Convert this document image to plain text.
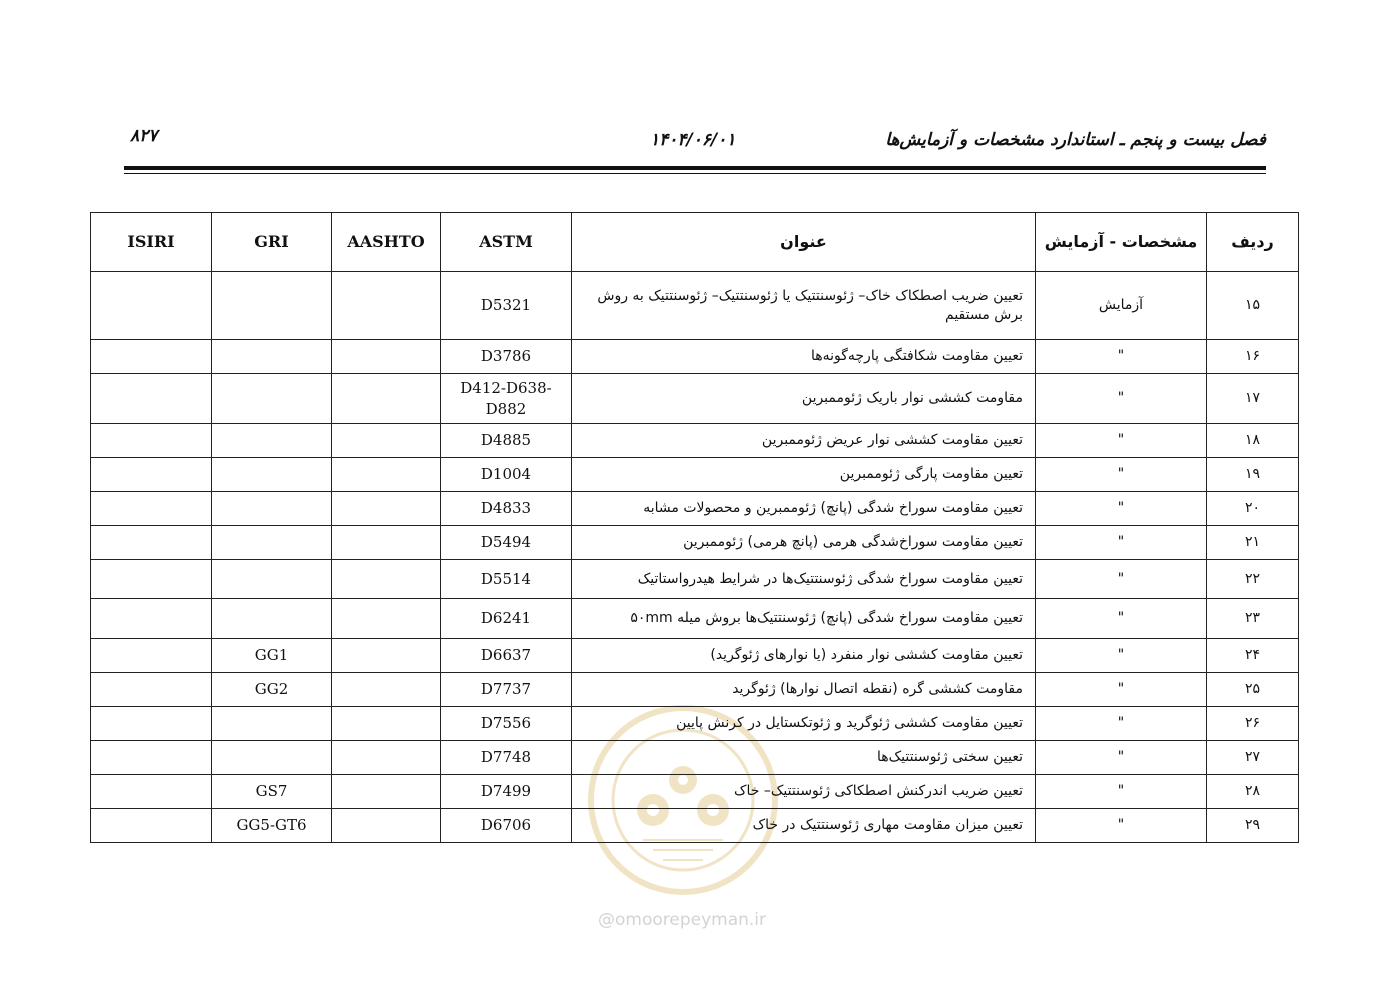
فصل بیست و پنجم ـ استاندارد مشخصات و آزمایش‌ها
۱۴۰۴/۰۶/۰۱
۸۲۷
@omoorepeyman.ir
ردیف	مشخصات - آزمایش	عنوان	ASTM	AASHTO	GRI	ISIRI
۱۵	آزمایش	تعیین ضریب اصطکاک خاک– ژئوسنتتیک یا ژئوسنتتیک– ژئوسنتتیک به روش برش مستقیم	D5321			
۱۶	"	تعیین مقاومت شکافتگی پارچه‌گونه‌ها	D3786			
۱۷	"	مقاومت کششی نوار باریک ژئوممبرین	D412-D638-D882			
۱۸	"	تعیین مقاومت کششی نوار عریض ژئوممبرین	D4885			
۱۹	"	تعیین مقاومت پارگی ژئوممبرین	D1004			
۲۰	"	تعیین مقاومت سوراخ شدگی (پانچ) ژئوممبرین و محصولات مشابه	D4833			
۲۱	"	تعیین مقاومت سوراخ‌شدگی هرمی (پانچ هرمی) ژئوممبرین	D5494			
۲۲	"	تعیین مقاومت سوراخ شدگی ژئوسنتتیک‌ها در شرایط هیدرواستاتیک	D5514			
۲۳	"	تعیین مقاومت سوراخ شدگی (پانچ) ژئوسنتتیک‌ها بروش میله ۵۰mm	D6241			
۲۴	"	تعیین مقاومت کششی نوار منفرد (یا نوارهای ژئوگرید)	D6637		GG1	
۲۵	"	مقاومت کششی گره (نقطه اتصال نوارها) ژئوگرید	D7737		GG2	
۲۶	"	تعیین مقاومت کششی ژئوگرید و ژئوتکستایل در کرنش پایین	D7556			
۲۷	"	تعیین سختی ژئوسنتتیک‌ها	D7748			
۲۸	"	تعیین ضریب اندرکنش اصطکاکی ژئوسنتتیک– خاک	D7499		GS7	
۲۹	"	تعیین میزان مقاومت مهاری ژئوسنتتیک در خاک	D6706		GG5-GT6	
